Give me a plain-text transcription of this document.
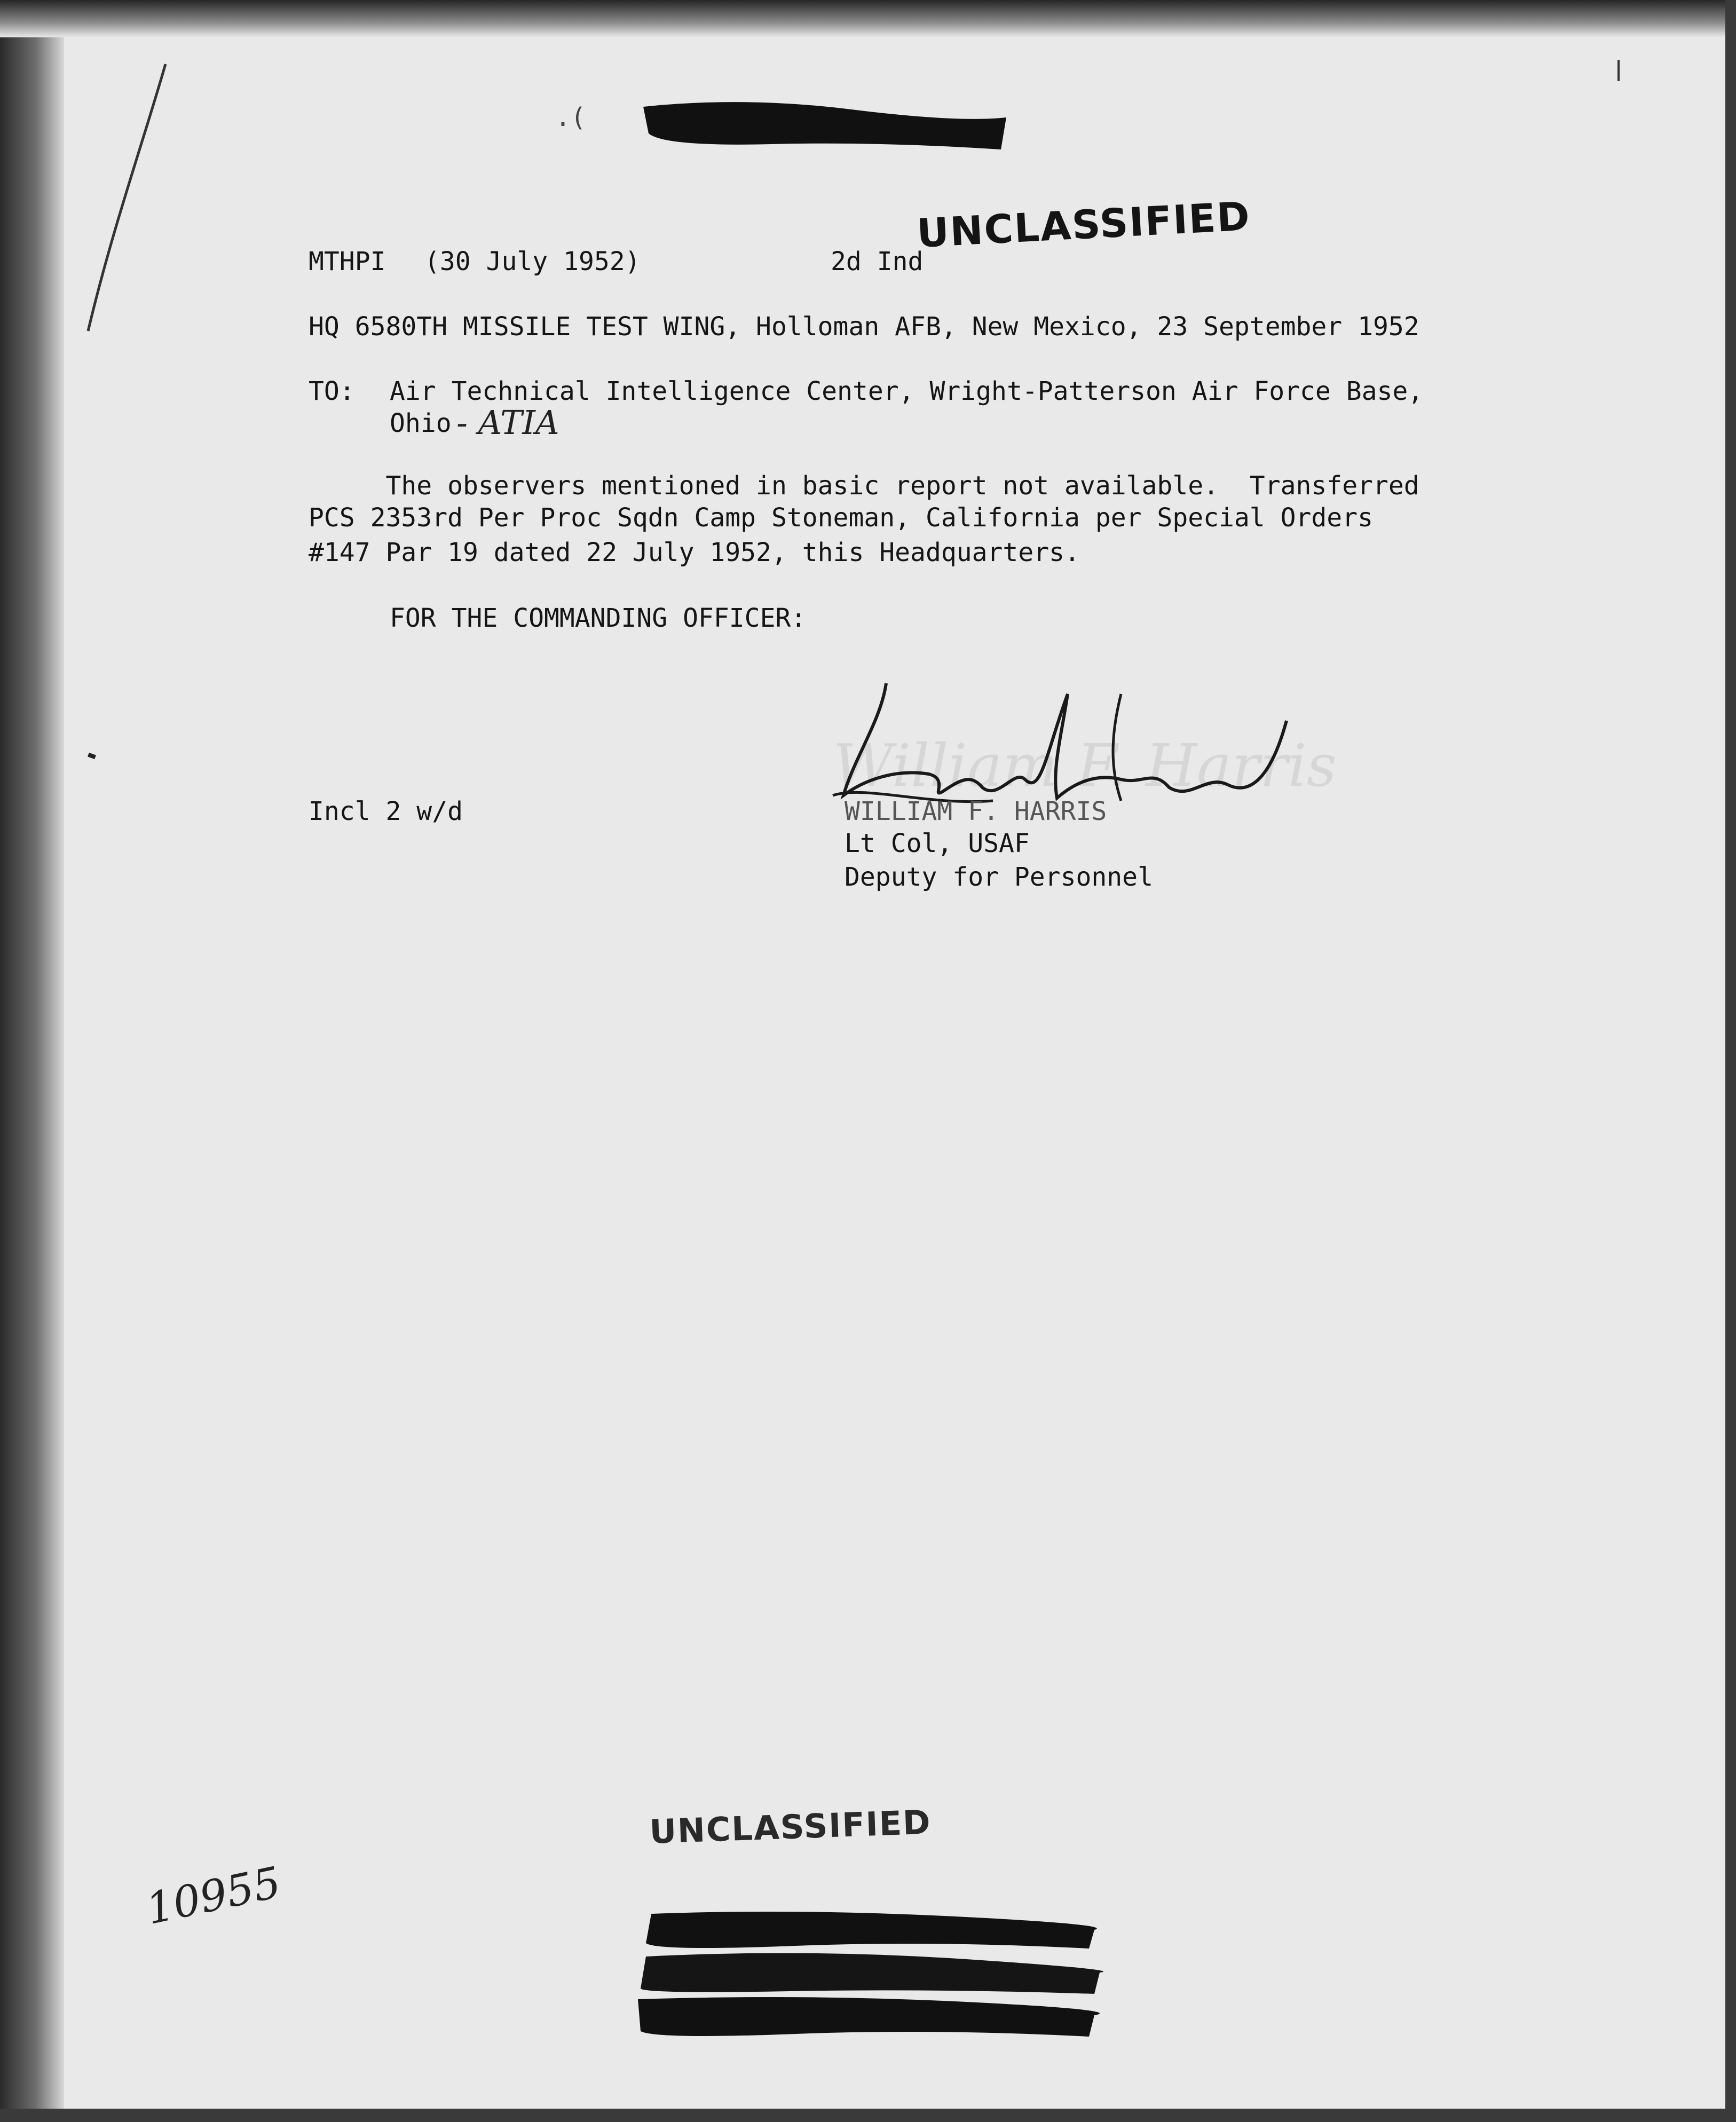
.(
MTHPI (30 July 1952)	2d Ind
UNCLASSIFIED
HQ 6580TH MISSILE TEST WING, Holloman AFB, New Mexico, 23 September 1952
TO: Air Technical Intelligence Center, Wright-Patterson Air Force Base,
Ohio - ATIA
The observers mentioned in basic report not available.  Transferred
PCS 2353rd Per Proc Sqdn Camp Stoneman, California per Special Orders
#147 Par 19 dated 22 July 1952, this Headquarters.
FOR THE COMMANDING OFFICER:
William F. Harris
Incl 2 w/d	WILLIAM F. HARRIS
Lt Col, USAF
Deputy for Personnel
UNCLASSIFIED
10955
